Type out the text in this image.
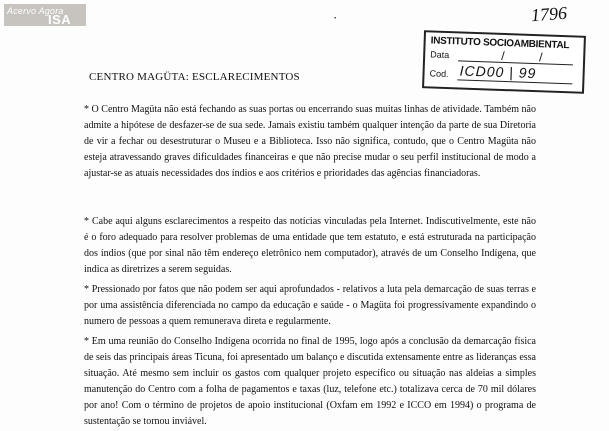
Acervo Agora
ISA	·	1796
INSTITUTO SOCIOAMBIENTAL
Data	/	/
Cod. ICD00 | 99
CENTRO MAGÜTA: ESCLARECIMENTOS

* O Centro Magüta não está fechando as suas portas ou encerrando suas muitas linhas de atividade. Também não admite a hipótese de desfazer-se de sua sede. Jamais existiu também qualquer intenção da parte de sua Diretoria de vir a fechar ou desestruturar o Museu e a Biblioteca. Isso não significa, contudo, que o Centro Magüta não esteja atravessando graves dificuldades financeiras e que não precise mudar o seu perfil institucional de modo a ajustar-se as atuais necessidades dos índios e aos critérios e prioridades das agências financiadoras.

* Cabe aqui alguns esclarecimentos a respeito das notícias vinculadas pela Internet. Indiscutivelmente, este não é o foro adequado para resolver problemas de uma entidade que tem estatuto, e está estruturada na participação dos índios (que por sinal não têm endereço eletrônico nem computador), através de um Conselho Indígena, que indica as diretrizes a serem seguidas.

* Pressionado por fatos que não podem ser aqui aprofundados - relativos a luta pela demarcação de suas terras e por uma assistência diferenciada no campo da educação e saúde - o Magüta foi progressivamente expandindo o numero de pessoas a quem remunerava direta e regularmente.

* Em uma reunião do Conselho Indígena ocorrida no final de 1995, logo após a conclusão da demarcação física de seis das principais áreas Ticuna, foi apresentado um balanço e discutida extensamente entre as lideranças essa situação. Até mesmo sem incluir os gastos com qualquer projeto específico ou situação nas aldeias a simples manutenção do Centro com a folha de pagamentos e taxas (luz, telefone etc.) totalizava cerca de 70 mil dólares por ano! Com o término de projetos de apoio institucional (Oxfam em 1992 e ICCO em 1994) o programa de sustentação se tornou inviável.
